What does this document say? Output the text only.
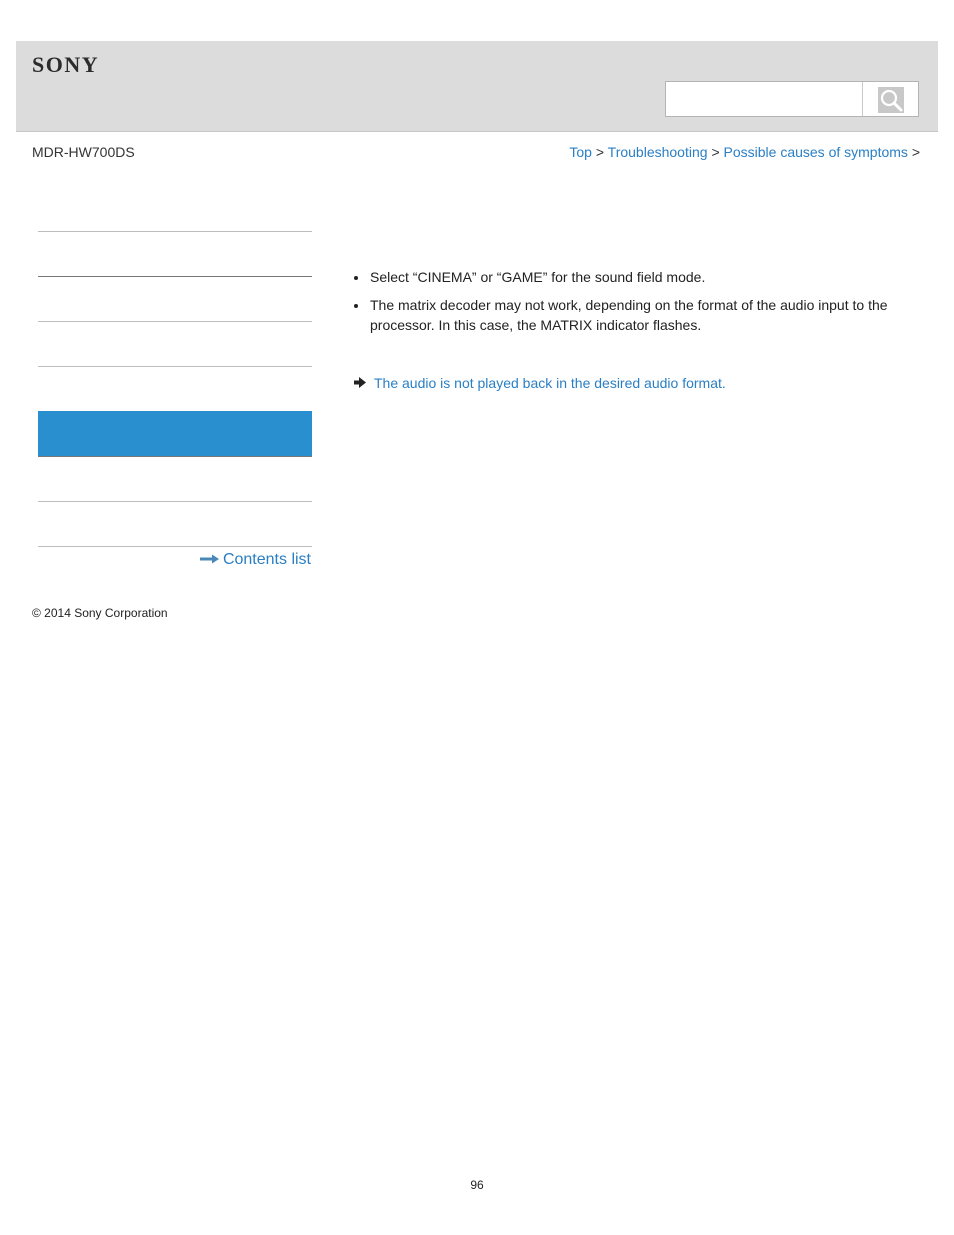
SONY
MDR-HW700DS	Top > Troubleshooting > Possible causes of symptoms >
Contents list
© 2014 Sony Corporation
Select “CINEMA” or “GAME” for the sound field mode.
The matrix decoder may not work, depending on the format of the audio input to the processor. In this case, the MATRIX indicator flashes.
The audio is not played back in the desired audio format.
96
